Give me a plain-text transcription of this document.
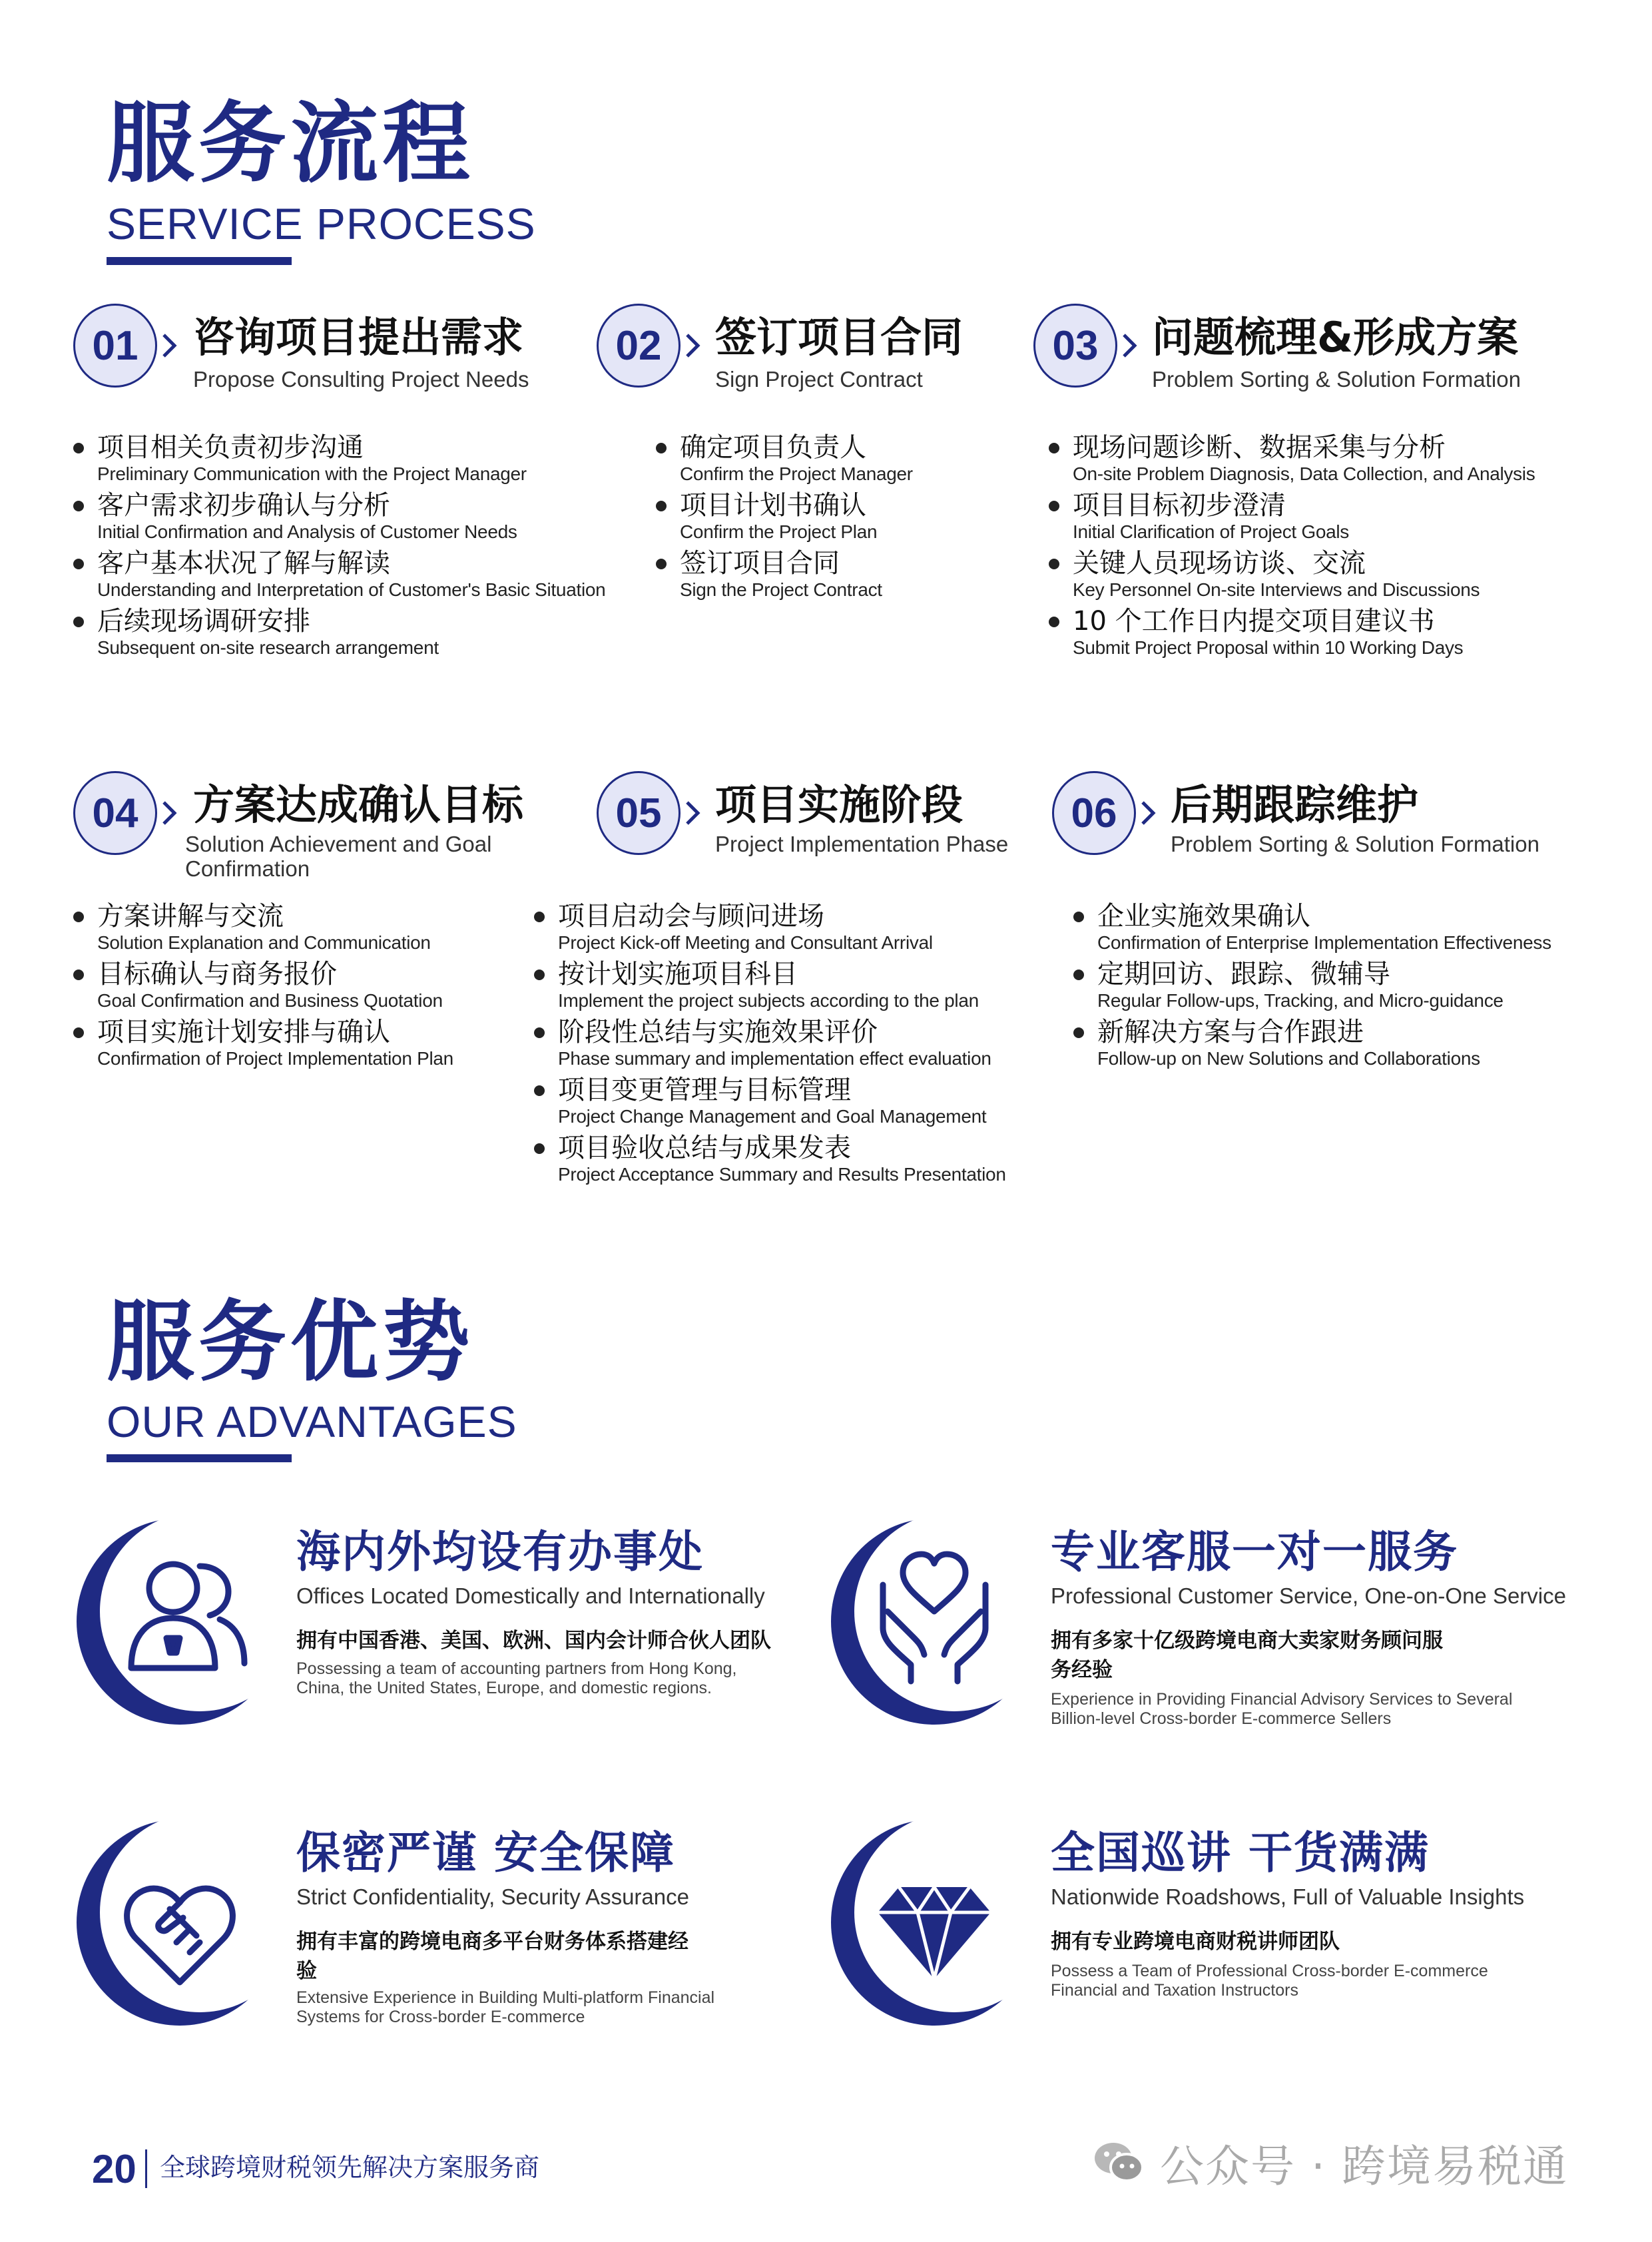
服务流程
SERVICE PROCESS
01 咨询项目提出需求
Propose Consulting Project Needs
项目相关负责初步沟通
Preliminary Communication with the Project Manager
客户需求初步确认与分析
Initial Confirmation and Analysis of Customer Needs
客户基本状况了解与解读
Understanding and Interpretation of Customer's Basic Situation
后续现场调研安排
Subsequent on-site research arrangement
02 签订项目合同
Sign Project Contract
确定项目负责人
Confirm the Project Manager
项目计划书确认
Confirm the Project Plan
签订项目合同
Sign the Project Contract
03 问题梳理&形成方案
Problem Sorting & Solution Formation
现场问题诊断、数据采集与分析
On-site Problem Diagnosis, Data Collection, and Analysis
项目目标初步澄清
Initial Clarification of Project Goals
关键人员现场访谈、交流
Key Personnel On-site Interviews and Discussions
10 个工作日内提交项目建议书
Submit Project Proposal within 10 Working Days
04 方案达成确认目标
Solution Achievement and Goal
Confirmation
方案讲解与交流
Solution Explanation and Communication
目标确认与商务报价
Goal Confirmation and Business Quotation
项目实施计划安排与确认
Confirmation of Project Implementation Plan
05 项目实施阶段
Project Implementation Phase
项目启动会与顾问进场
Project Kick-off Meeting and Consultant Arrival
按计划实施项目科目
Implement the project subjects according to the plan
阶段性总结与实施效果评价
Phase summary and implementation effect evaluation
项目变更管理与目标管理
Project Change Management and Goal Management
项目验收总结与成果发表
Project Acceptance Summary and Results Presentation
06 后期跟踪维护
Problem Sorting & Solution Formation
企业实施效果确认
Confirmation of Enterprise Implementation Effectiveness
定期回访、跟踪、微辅导
Regular Follow-ups, Tracking, and Micro-guidance
新解决方案与合作跟进
Follow-up on New Solutions and Collaborations
服务优势
OUR ADVANTAGES
海内外均设有办事处
Offices Located Domestically and Internationally
拥有中国香港、美国、欧洲、国内会计师合伙人团队
Possessing a team of accounting partners from Hong Kong, China, the United States, Europe, and domestic regions.
专业客服一对一服务
Professional Customer Service, One-on-One Service
拥有多家十亿级跨境电商大卖家财务顾问服务经验
Experience in Providing Financial Advisory Services to Several Billion-level Cross-border E-commerce Sellers
保密严谨 安全保障
Strict Confidentiality, Security Assurance
拥有丰富的跨境电商多平台财务体系搭建经验
Extensive Experience in Building Multi-platform Financial Systems for Cross-border E-commerce
全国巡讲 干货满满
Nationwide Roadshows, Full of Valuable Insights
拥有专业跨境电商财税讲师团队
Possess a Team of Professional Cross-border E-commerce Financial and Taxation Instructors
20 全球跨境财税领先解决方案服务商	公众号 · 跨境易税通
